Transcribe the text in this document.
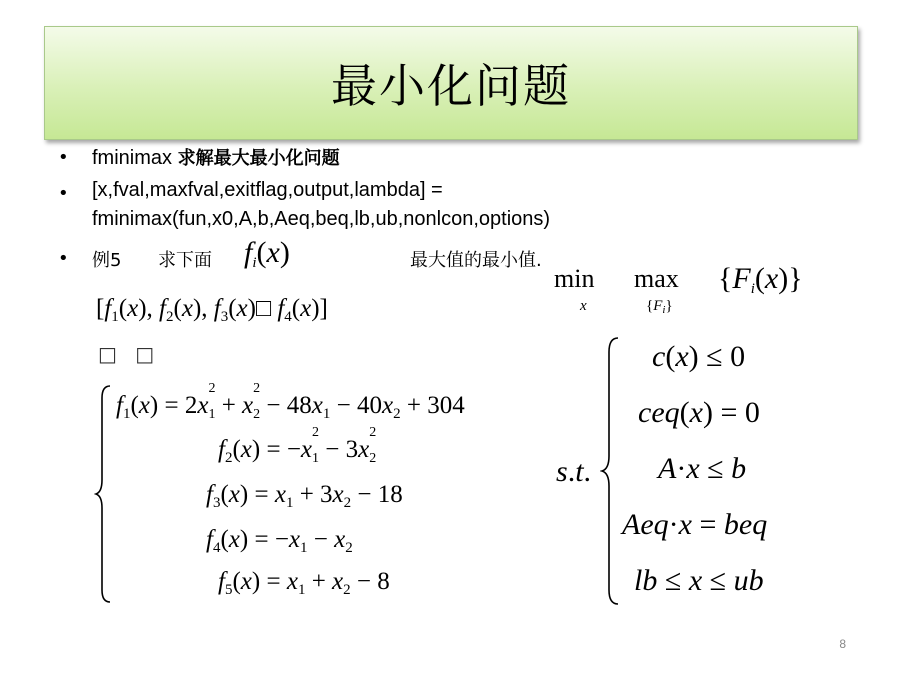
最小化问题
• fminimax 求解最大最小化问题
• [x,fval,maxfval,exitflag,output,lambda] =
fminimax(fun,x0,A,b,Aeq,beq,lb,ub,nonlcon,options)
• 例5 求下面 $f_i(x)$	最大值的最小值.
[$f_1(x)$, $f_2(x)$, $f_3(x)□$ $f_4(x)$]
□ □
$f_1(x) = 2x$
2
$_1$ + x
2
$_2 - 48x_1 - 40x_2 + 304$
$f_2(x) = -x$
2
$_1$ − 3x
2
$_2$
$f_3(x) = x_1 + 3x_2 - 18$
$f_4(x) = -x_1 - x_2$
$f_5(x) = x_1 + x_2 - 8$
min
x
max
$\{F_i\}$
$\{F_i(x)\}$
s.t.
c(x) ≤ 0
ceq(x) = 0
A·x ≤ b
Aeq·x = beq
lb ≤ x ≤ ub
8
